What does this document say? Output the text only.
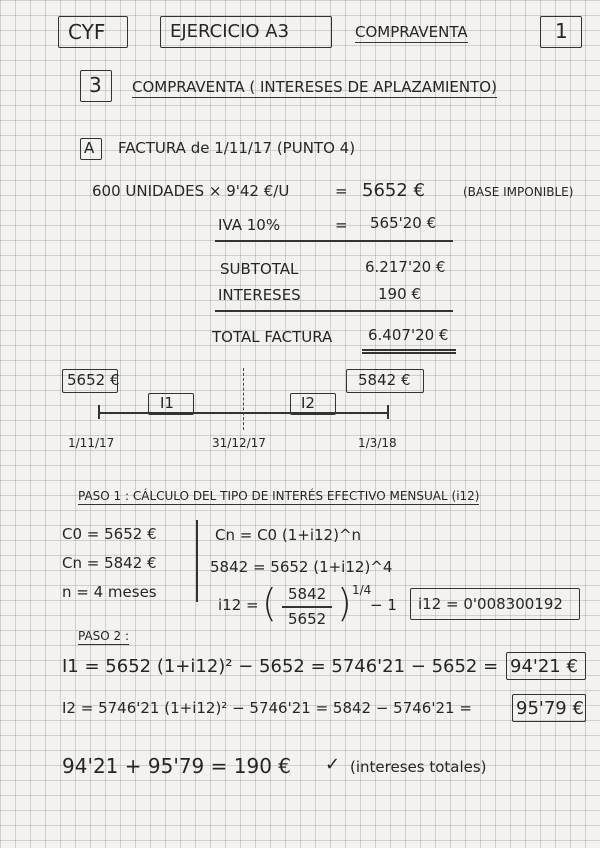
CYF	EJERCICIO A3	COMPRAVENTA	1
3 COMPRAVENTA ( INTERESES DE APLAZAMIENTO)
A FACTURA de 1/11/17 (PUNTO 4)
600 UNIDADES × 9'42 €/U	= 5652 €	(BASE IMPONIBLE)
IVA 10%	= 565'20 €
SUBTOTAL	6.217'20 €
INTERESES	190 €
TOTAL FACTURA 6.407'20 €
5652 €	5842 €
I1	I2
1/11/17	31/12/17	1/3/18
PASO 1 : CÁLCULO DEL TIPO DE INTERÉS EFECTIVO MENSUAL (i12)
C0 = 5652 €
Cn = 5842 €
n = 4 meses
Cn = C0 (1+i12)^n
5842 = 5652 (1+i12)^4
i12 = ( 5842
5652 ) 1/4
− 1 i12 = 0'008300192
PASO 2 :
I1 = 5652 (1+i12)² − 5652 = 5746'21 − 5652 = 94'21 €
I2 = 5746'21 (1+i12)² − 5746'21 = 5842 − 5746'21 = 95'79 €
94'21 + 95'79 = 190 € ✓ (intereses totales)
